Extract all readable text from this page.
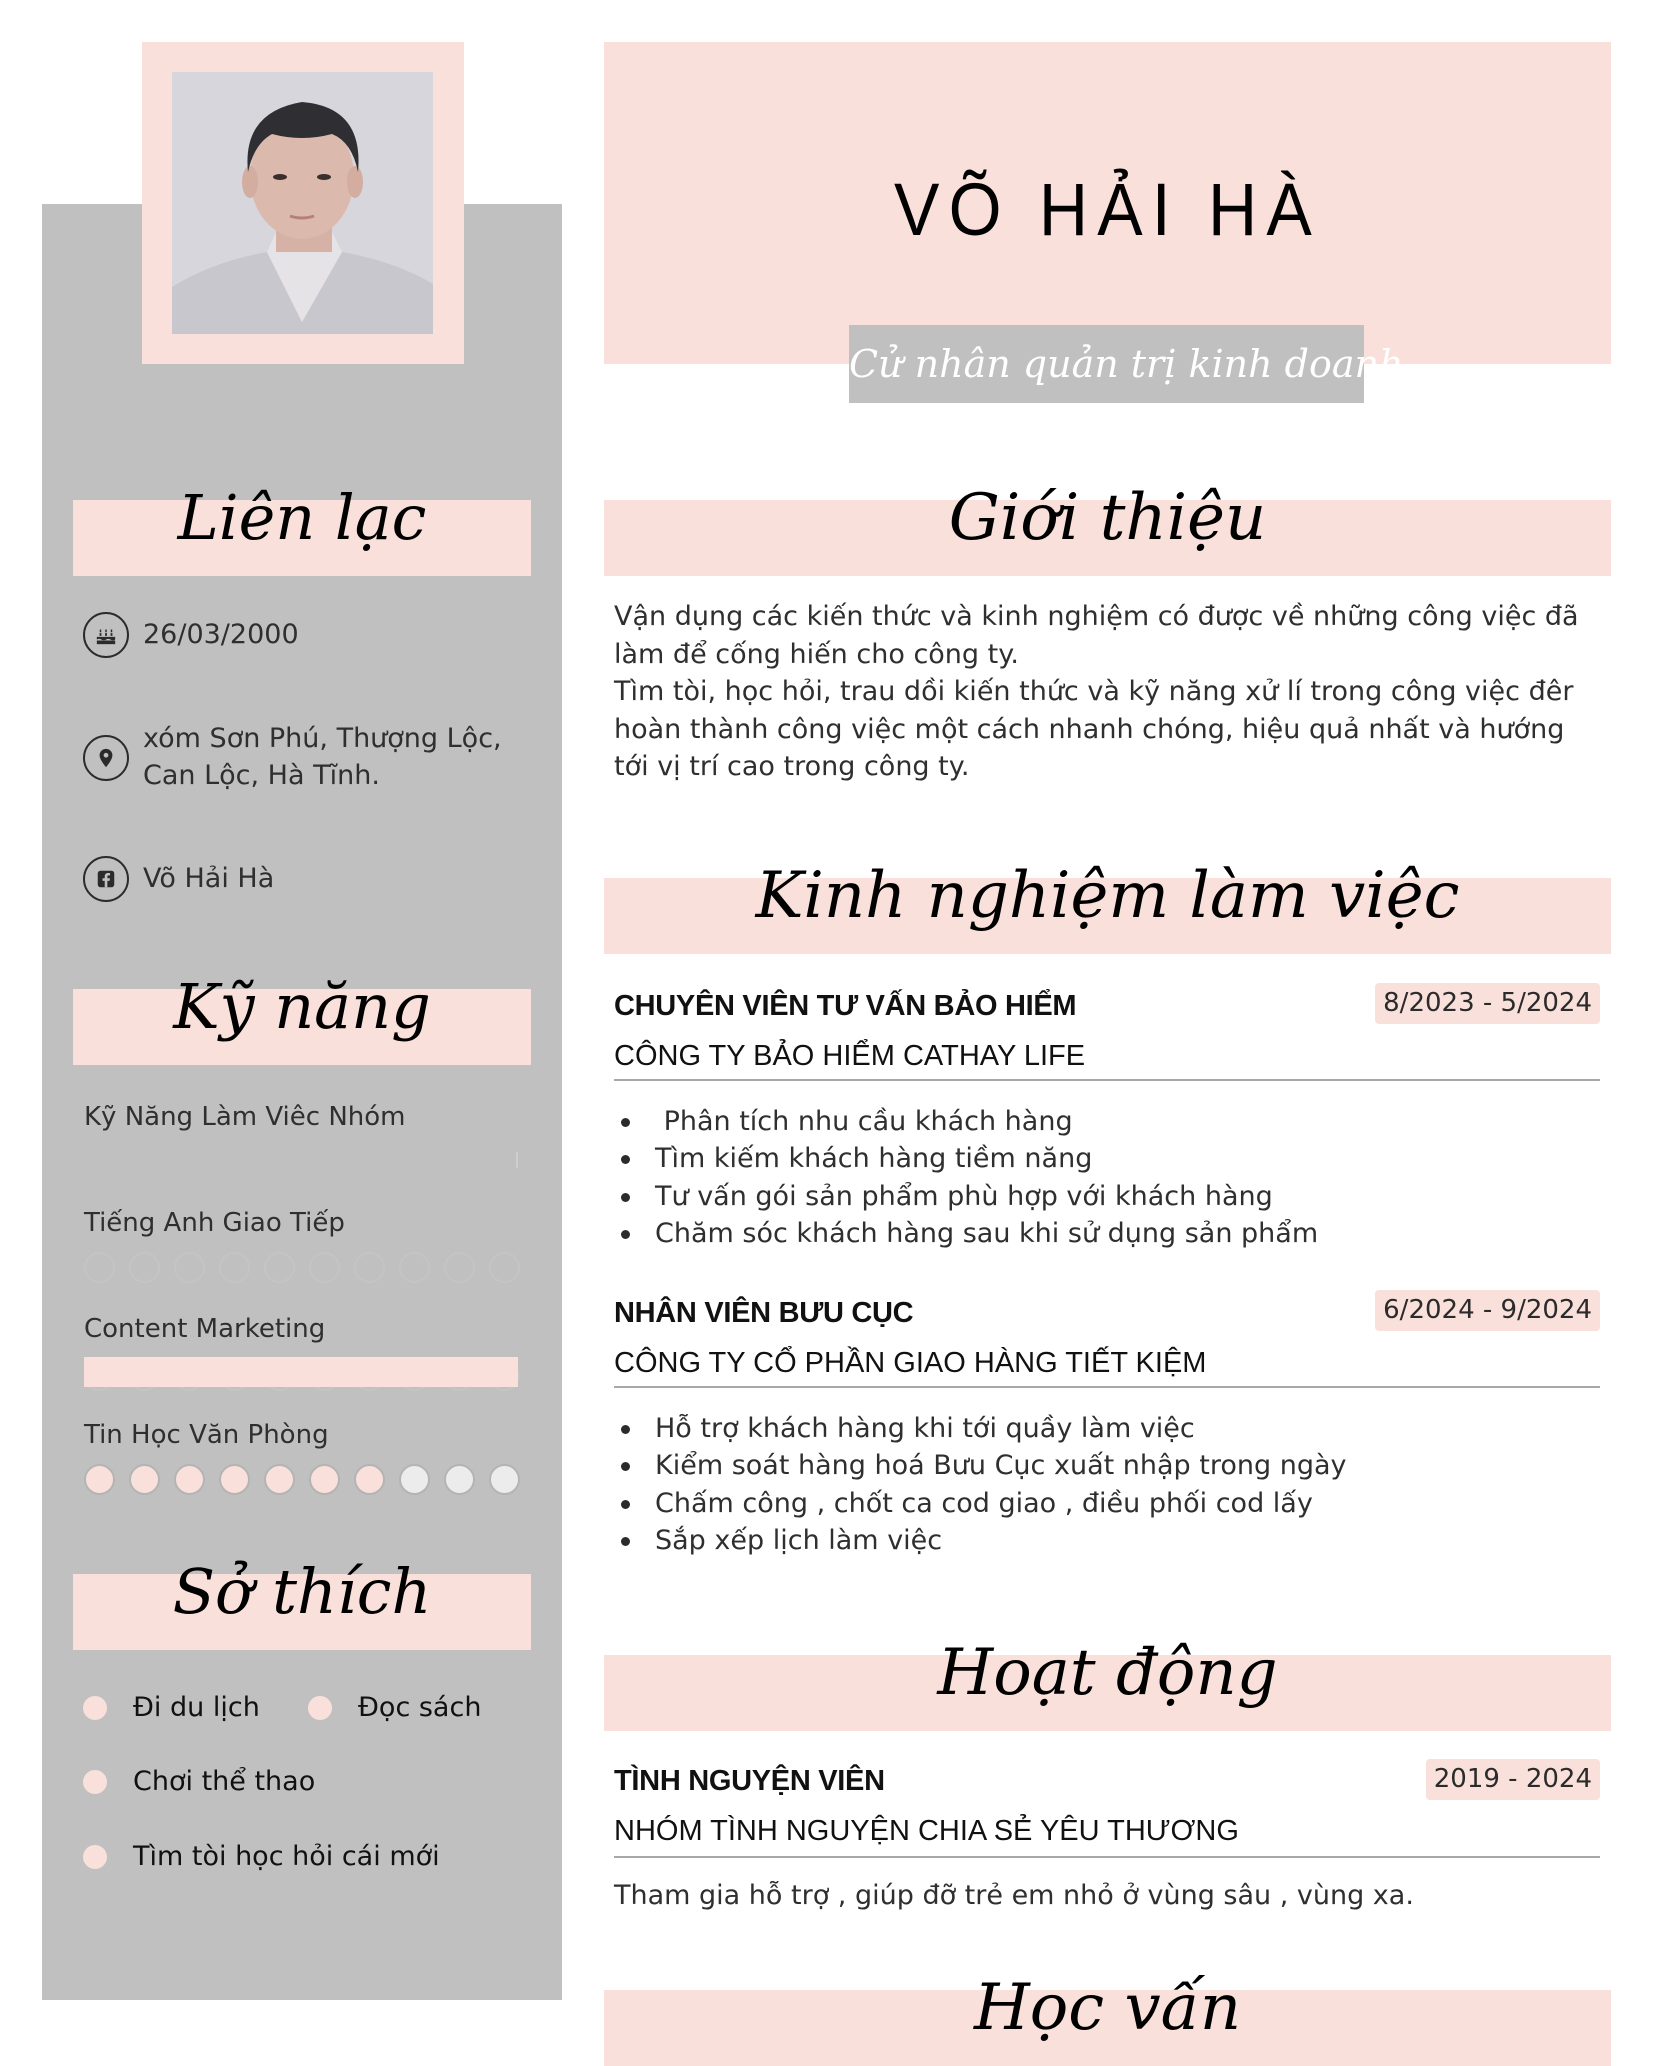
Liên lạc
26/03/2000
xóm Sơn Phú, Thượng Lộc, Can Lộc, Hà Tĩnh.
Võ Hải Hà
Kỹ năng
Kỹ Năng Làm Viêc Nhóm
Tiếng Anh Giao Tiếp
Content Marketing
Tin Học Văn Phòng
Sở thích
Đi du lịch	Đọc sách
Chơi thể thao
Tìm tòi học hỏi cái mới
VÕ HẢI HÀ
Cử nhân quản trị kinh doanh
Giới thiệu

Vận dụng các kiến thức và kinh nghiệm có được về những công việc đã làm để cống hiến cho công ty.

Tìm tòi, học hỏi, trau dồi kiến thức và kỹ năng xử lí trong công việc đêr hoàn thành công việc một cách nhanh chóng, hiệu quả nhất và hướng tới vị trí cao trong công ty.

Kinh nghiệm làm việc
CHUYÊN VIÊN TƯ VẤN BẢO HIỂM	8/2023 - 5/2024
CÔNG TY BẢO HIỂM CATHAY LIFE
Phân tích nhu cầu khách hàng
Tìm kiếm khách hàng tiềm năng
Tư vấn gói sản phẩm phù hợp với khách hàng
Chăm sóc khách hàng sau khi sử dụng sản phẩm
NHÂN VIÊN BƯU CỤC	6/2024 - 9/2024
CÔNG TY CỔ PHẦN GIAO HÀNG TIẾT KIỆM
Hỗ trợ khách hàng khi tới quầy làm việc
Kiểm soát hàng hoá Bưu Cục xuất nhập trong ngày
Chấm công , chốt ca cod giao , điều phối cod lấy
Sắp xếp lịch làm việc
Hoạt động
TÌNH NGUYỆN VIÊN	2019 - 2024
NHÓM TÌNH NGUYỆN CHIA SẺ YÊU THƯƠNG
Tham gia hỗ trợ , giúp đỡ trẻ em nhỏ ở vùng sâu , vùng xa.
Học vấn
